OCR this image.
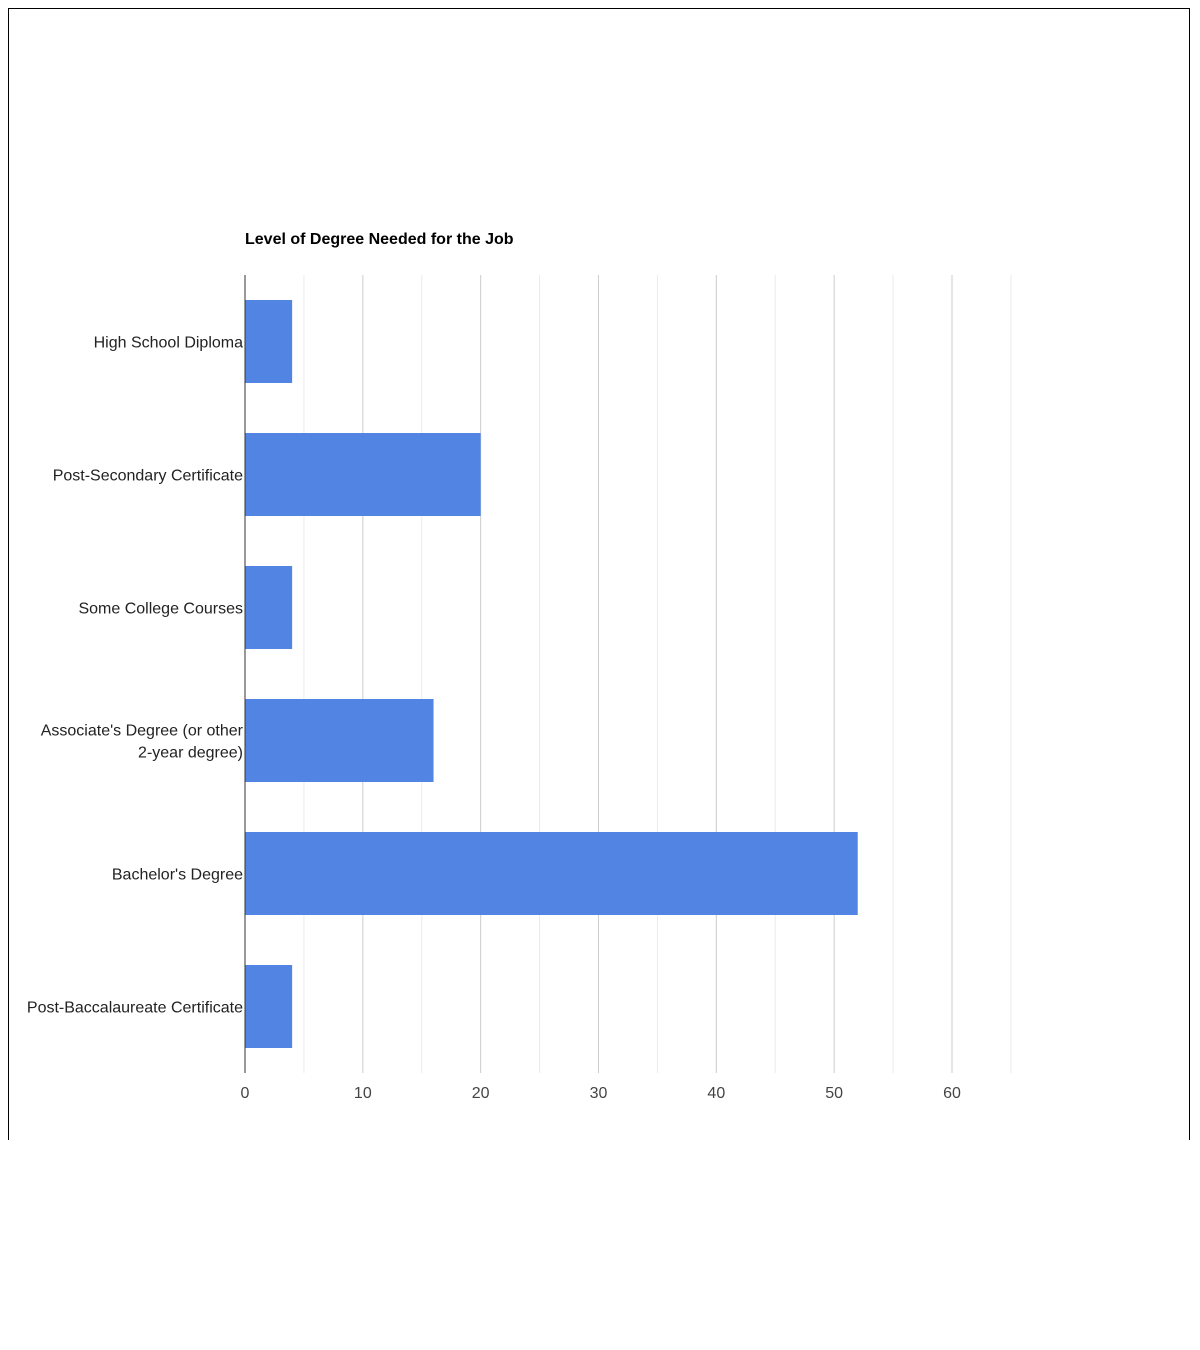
Level of Degree Needed for the Job
High School Diploma
Post-Secondary Certificate
Some College Courses
Associate's Degree (or other 2-year degree)
Bachelor's Degree
Post-Baccalaureate Certificate
0	10	20	30	40	50	60
